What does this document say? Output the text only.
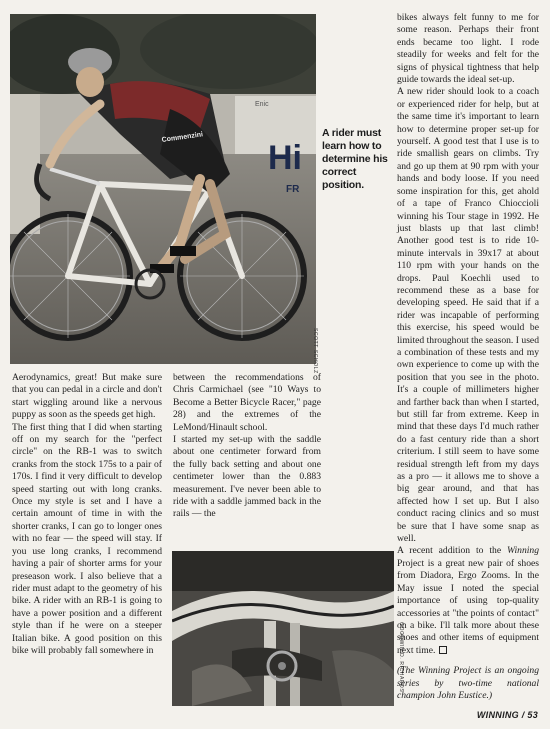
Commenzini
Hi
FR
Enic
SCOTT SCHOLZ
A rider must learn how to determine his correct position.

Aerodynamics, great! But make sure that you can pedal in a circle and don't start wiggling around like a nervous puppy as soon as the speeds get high.

The first thing that I did when starting off on my search for the "perfect circle" on the RB-1 was to switch cranks from the stock 175s to a pair of 170s. I find it very difficult to develop speed starting out with long cranks. Once my style is set and I have a certain amount of time in with the shorter cranks, I can go to longer ones with no fear — the speed will stay. If you use long cranks, I recommend having a pair of shorter arms for your preseason work. I also believe that a rider must adapt to the geometry of his bike. A rider with an RB-1 is going to have a power position and a different style than if he were on a steeper Italian bike. A good position on this bike will probably fall somewhere in

between the recommendations of Chris Carmichael (see "10 Ways to Become a Better Bicycle Racer," page 28) and the extremes of the LeMond/Hinault school.

I started my set-up with the saddle about one centimeter forward from the fully back setting and about one centimeter lower than the 0.883 measurement. I've never been able to ride with a saddle jammed back in the rails — the

GOODWIN D. RICHARDS

bikes always felt funny to me for some reason. Perhaps their front ends became too light. I rode steadily for weeks and felt for the signs of physical tightness that help guide towards the ideal set-up.

A new rider should look to a coach or experienced rider for help, but at the same time it's important to learn how to determine proper set-up for yourself. A good test that I use is to ride smallish gears on climbs. Try and go up them at 90 rpm with your hands and body loose. If you need some inspiration for this, get ahold of a tape of Franco Chioccioli winning his Tour stage in 1992. He just blasts up that last climb! Another good test is to ride 10-minute intervals in 39x17 at about 110 rpm with your hands on the drops. Paul Koechli used to recommend these as a base for developing speed. He said that if a rider was incapable of performing this exercise, his speed would be limited throughout the season. I used a combination of these tests and my own experience to come up with the position that you see in the photo. It's a couple of millimeters higher and farther back than when I started, but still far from extreme. Keep in mind that these days I'd much rather do a fast century ride than a short criterium. I still seem to have some residual strength left from my days as a pro — it allows me to shove a big gear around, and that has affected how I set up. But I also conduct racing clinics and so must be sure that I have some snap as well.

A recent addition to the Winning Project is a great new pair of shoes from Diadora, Ergo Zooms. In the May issue I noted the special importance of using top-quality accessories at "the points of contact" on a bike. I'll talk more about these shoes and other items of equipment next time.

(The Winning Project is an ongoing series by two-time national champion John Eustice.)

WINNING / 53
